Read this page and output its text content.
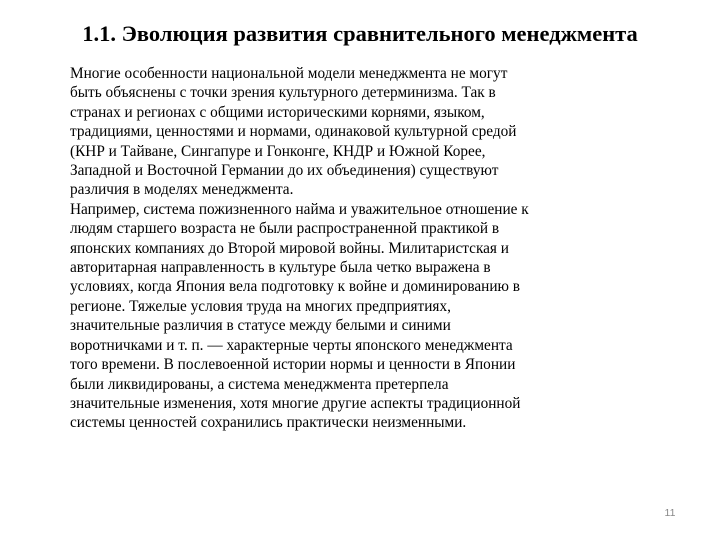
1.1. Эволюция развития сравнительного менеджмента

Многие особенности национальной модели менеджмента не могут
быть объяснены с точки зрения культурного детерминизма. Так в
странах и регионах с общими историческими корнями, языком,
традициями, ценностями и нормами, одинаковой культурной средой
(КНР и Тайване, Сингапуре и Гонконге, КНДР и Южной Корее,
Западной и Восточной Германии до их объединения) существуют
различия в моделях менеджмента.

Например, система пожизненного найма и уважительное отношение к
людям старшего возраста не были распространенной практикой в
японских компаниях до Второй мировой войны. Милитаристская и
авторитарная направленность в культуре была четко выражена в
условиях, когда Япония вела подготовку к войне и доминированию в
регионе. Тяжелые условия труда на многих предприятиях,
значительные различия в статусе между белыми и синими
воротничками и т. п. — характерные черты японского менеджмента
того времени. В послевоенной истории нормы и ценности в Японии
были ликвидированы, а система менеджмента претерпела
значительные изменения, хотя многие другие аспекты традиционной
системы ценностей сохранились практически неизменными.

11
